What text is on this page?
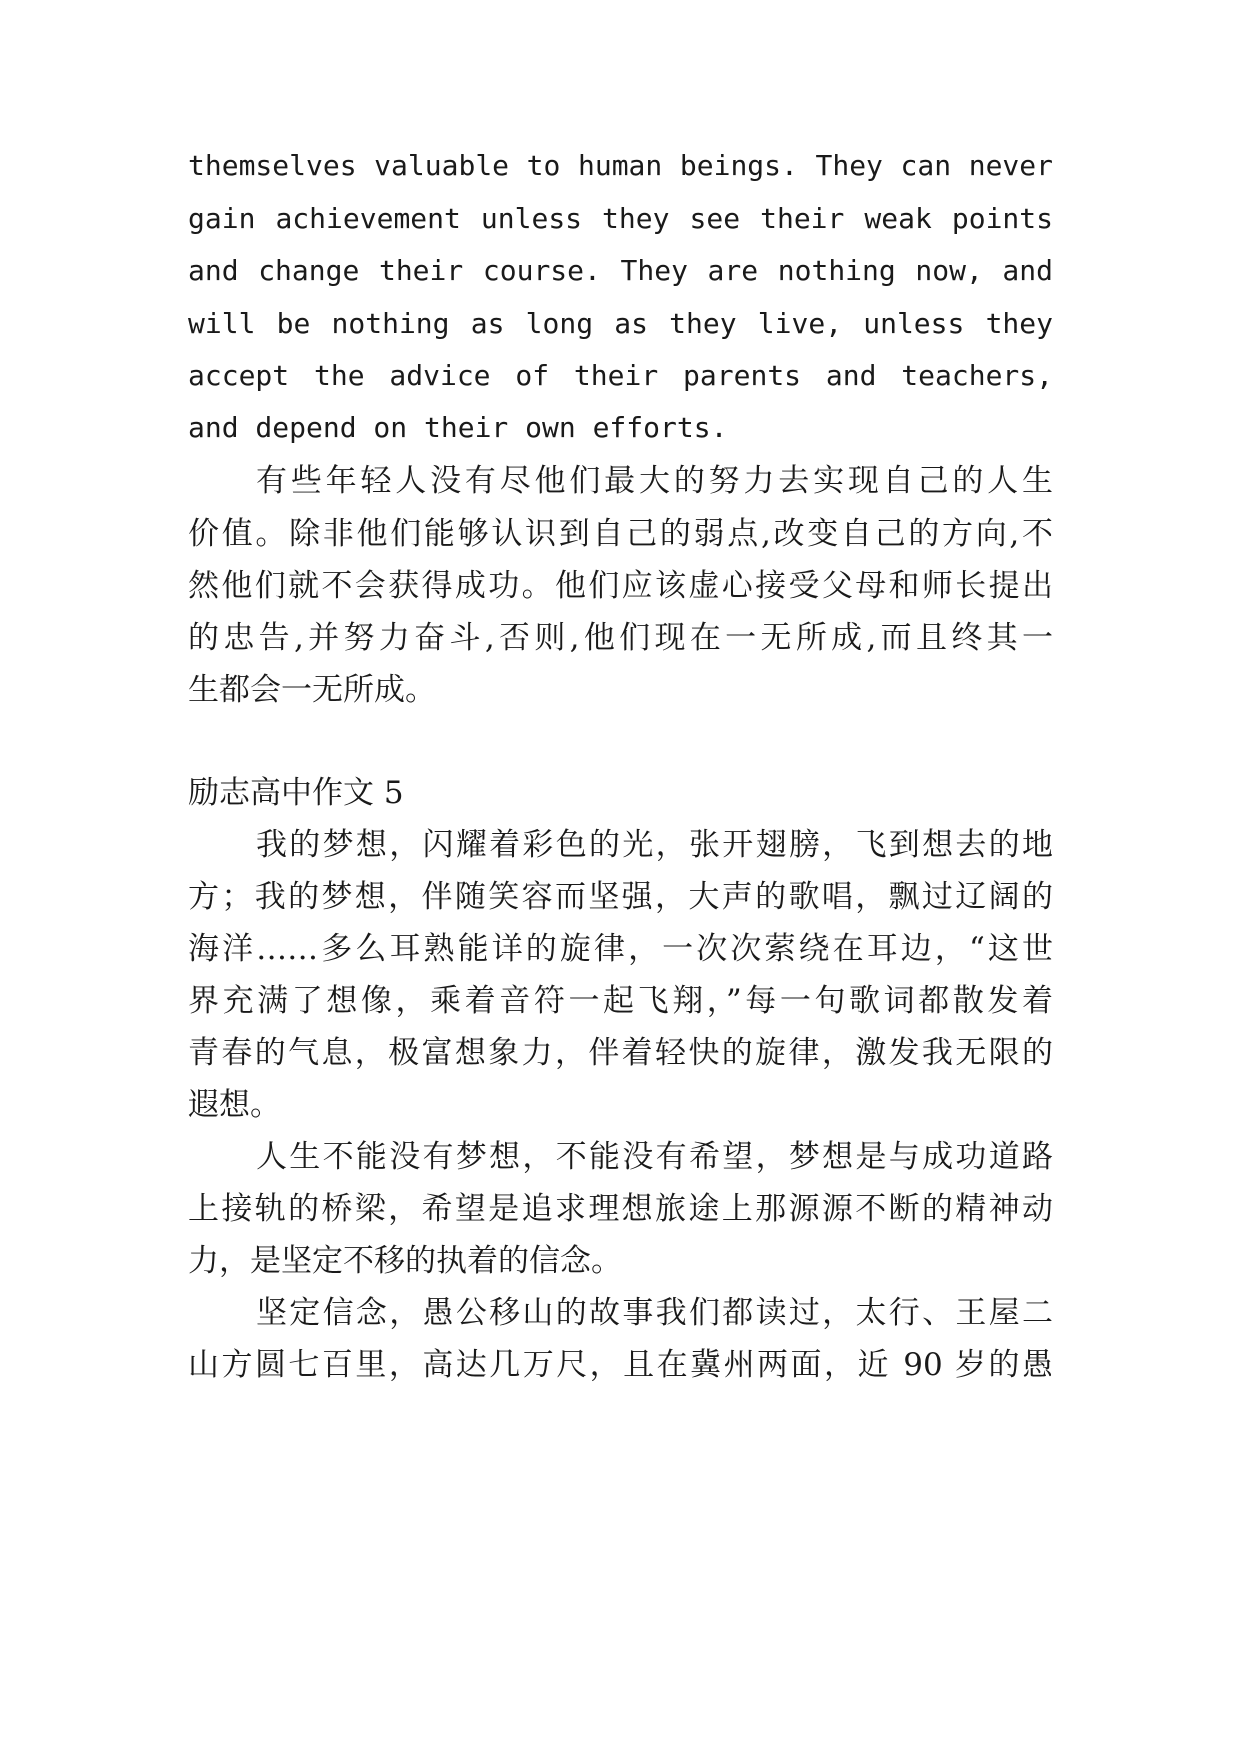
themselves valuable to human beings. They can never
gain achievement unless they see their weak points
and change their course. They are nothing now, and
will be nothing as long as they live, unless they
accept the advice of their parents and teachers,
and depend on their own efforts.
有些年轻人没有尽他们最大的努力去实现自己的人生
价值。除非他们能够认识到自己的弱点,改变自己的方向,不
然他们就不会获得成功。他们应该虚心接受父母和师长提出
的忠告,并努力奋斗,否则,他们现在一无所成,而且终其一
生都会一无所成。
励志高中作文 5
我的梦想，闪耀着彩色的光，张开翅膀，飞到想去的地
方；我的梦想，伴随笑容而坚强，大声的歌唱，飘过辽阔的
海洋……多么耳熟能详的旋律，一次次萦绕在耳边，“这世
界充满了想像，乘着音符一起飞翔，”每一句歌词都散发着
青春的气息，极富想象力，伴着轻快的旋律，激发我无限的
遐想。
人生不能没有梦想，不能没有希望，梦想是与成功道路
上接轨的桥梁，希望是追求理想旅途上那源源不断的精神动
力，是坚定不移的执着的信念。
坚定信念，愚公移山的故事我们都读过，太行、王屋二
山方圆七百里，高达几万尺，且在冀州两面，近 90 岁的愚
